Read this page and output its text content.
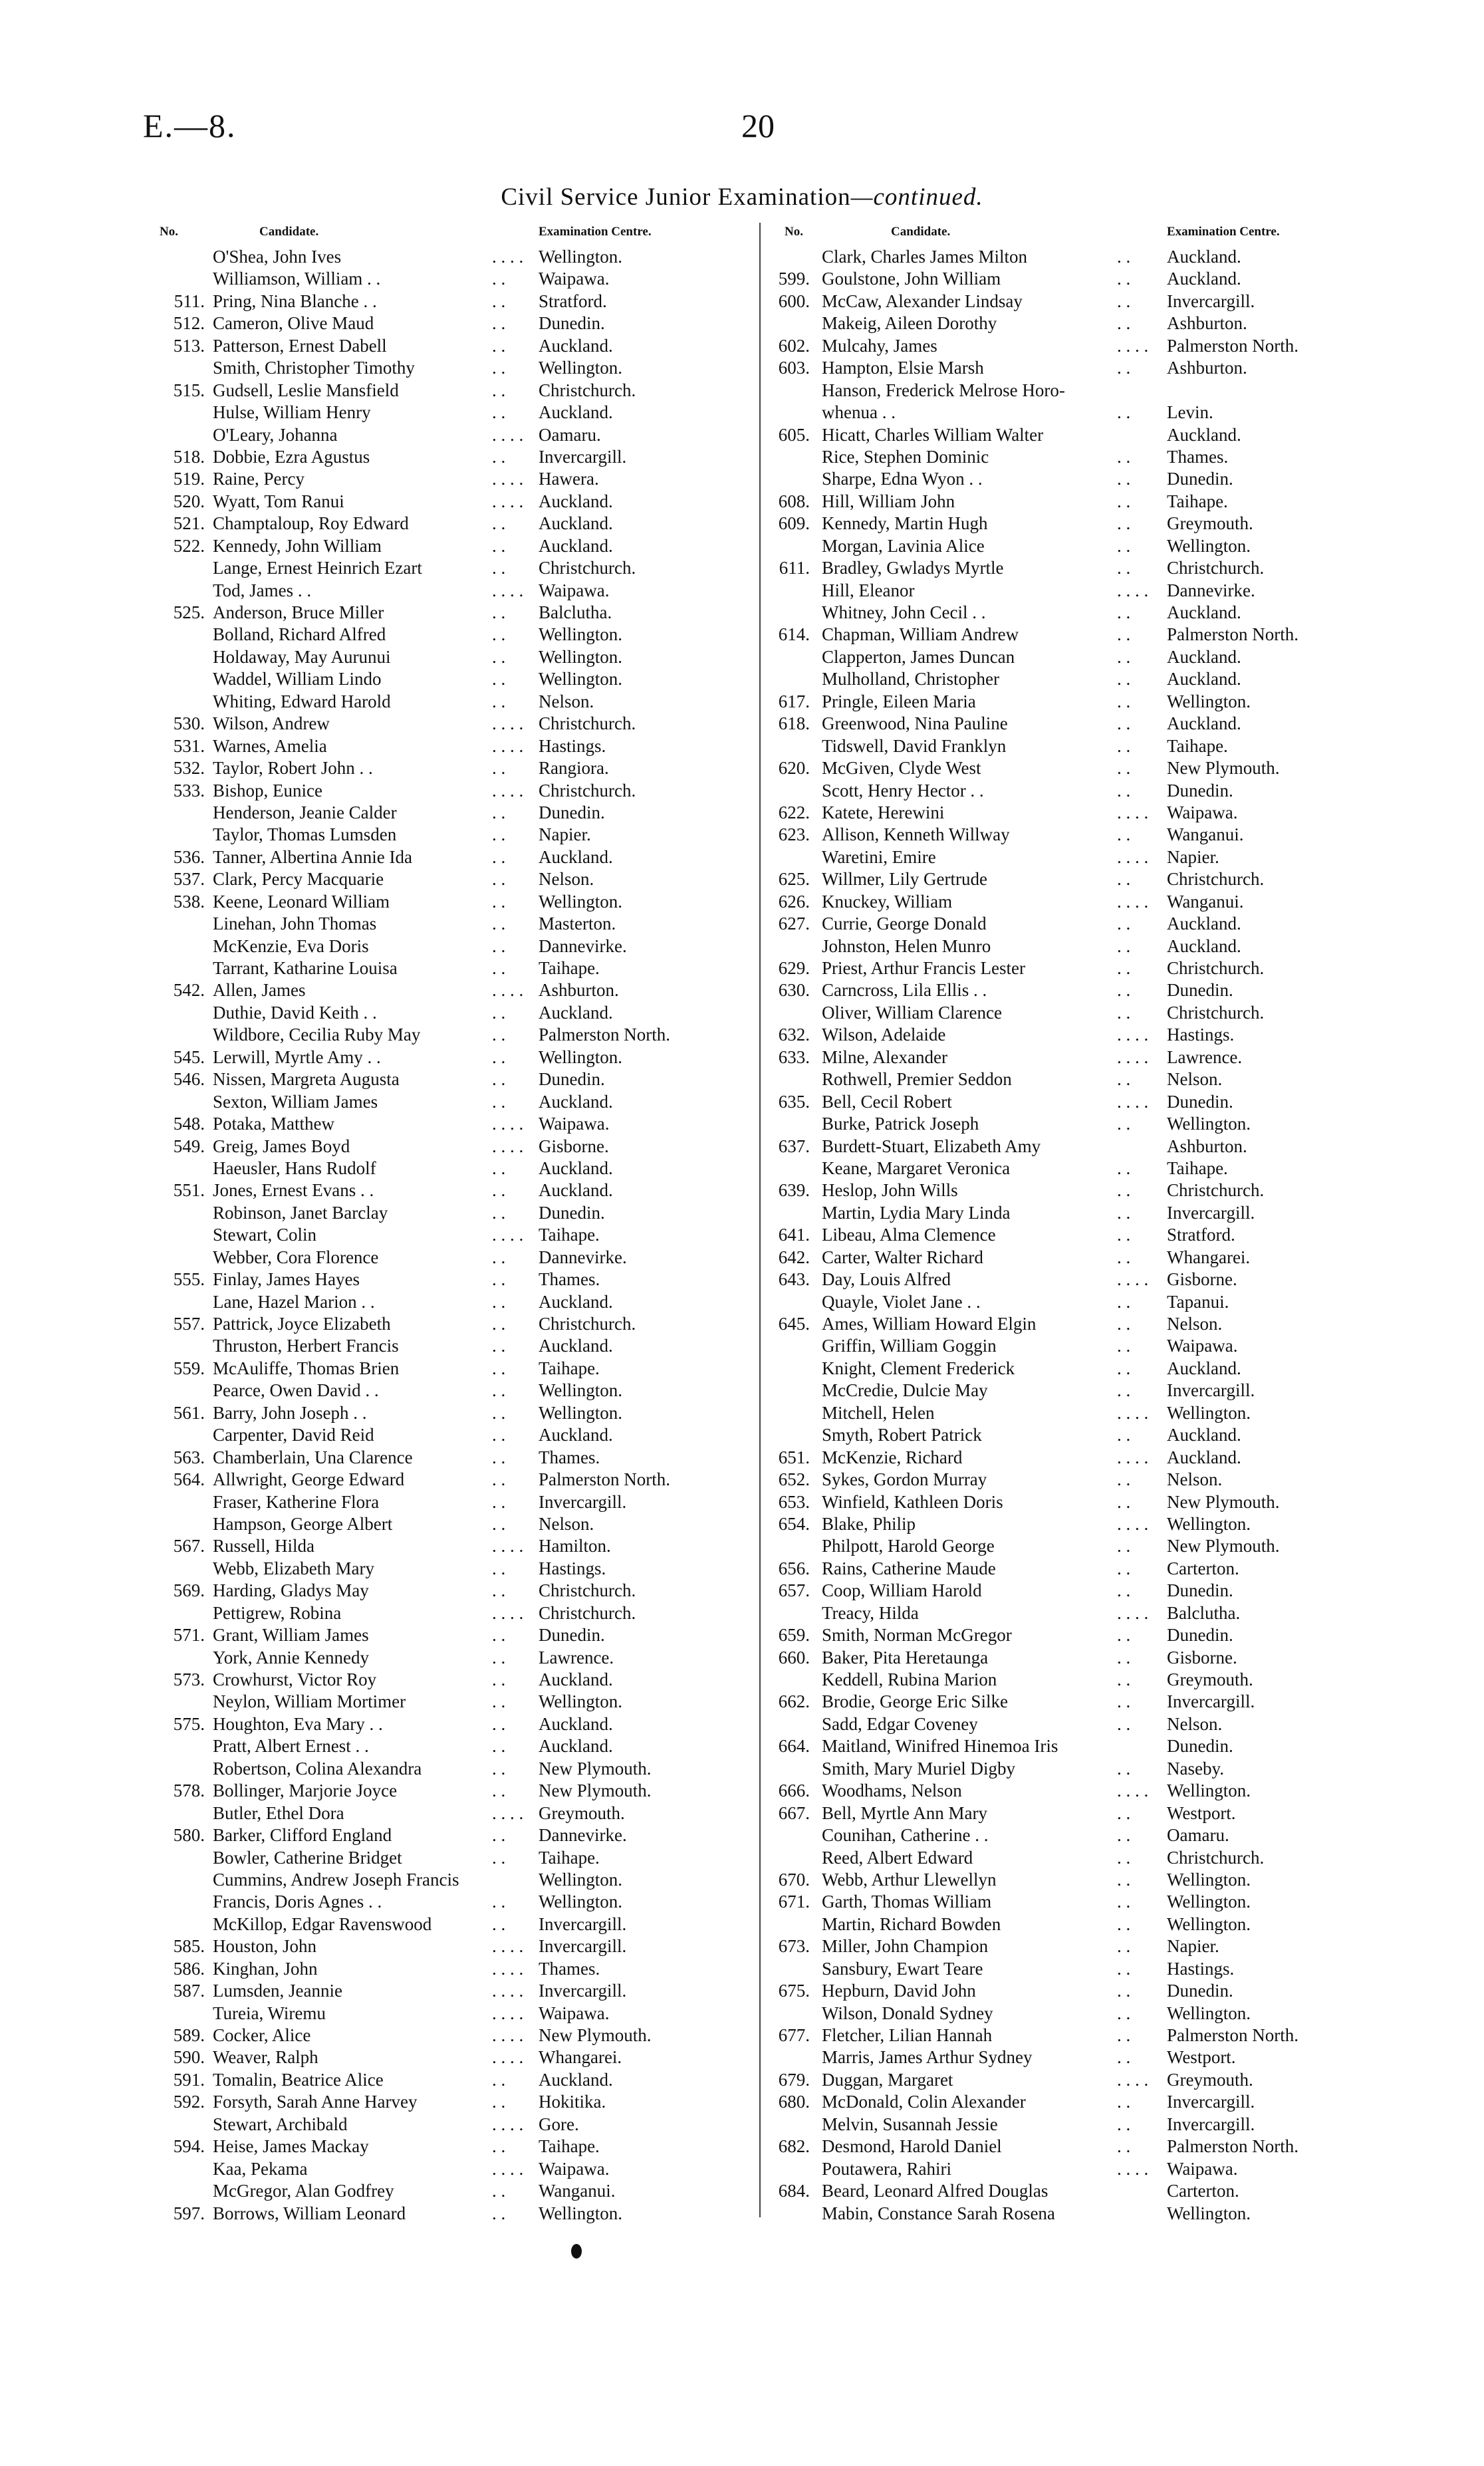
E.—8.	20
Civil Service Junior Examination—continued.
No.	Candidate.	Examination Centre.
O'Shea, John Ives	. . . . Wellington.
Williamson, William . .	. . Waipawa.
511. Pring, Nina Blanche . .	. . Stratford.
512. Cameron, Olive Maud	. . Dunedin.
513. Patterson, Ernest Dabell	. . Auckland.
Smith, Christopher Timothy	. . Wellington.
515. Gudsell, Leslie Mansfield	. . Christchurch.
Hulse, William Henry	. . Auckland.
O'Leary, Johanna	. . . . Oamaru.
518. Dobbie, Ezra Agustus	. . Invercargill.
519. Raine, Percy	. . . . Hawera.
520. Wyatt, Tom Ranui	. . . . Auckland.
521. Champtaloup, Roy Edward	. . Auckland.
522. Kennedy, John William	. . Auckland.
Lange, Ernest Heinrich Ezart	. . Christchurch.
Tod, James . .	. . . . Waipawa.
525. Anderson, Bruce Miller	. . Balclutha.
Bolland, Richard Alfred	. . Wellington.
Holdaway, May Aurunui	. . Wellington.
Waddel, William Lindo	. . Wellington.
Whiting, Edward Harold	. . Nelson.
530. Wilson, Andrew	. . . . Christchurch.
531. Warnes, Amelia	. . . . Hastings.
532. Taylor, Robert John . .	. . Rangiora.
533. Bishop, Eunice	. . . . Christchurch.
Henderson, Jeanie Calder	. . Dunedin.
Taylor, Thomas Lumsden	. . Napier.
536. Tanner, Albertina Annie Ida	. . Auckland.
537. Clark, Percy Macquarie	. . Nelson.
538. Keene, Leonard William	. . Wellington.
Linehan, John Thomas	. . Masterton.
McKenzie, Eva Doris	. . Dannevirke.
Tarrant, Katharine Louisa	. . Taihape.
542. Allen, James	. . . . Ashburton.
Duthie, David Keith . .	. . Auckland.
Wildbore, Cecilia Ruby May	. . Palmerston North.
545. Lerwill, Myrtle Amy . .	. . Wellington.
546. Nissen, Margreta Augusta	. . Dunedin.
Sexton, William James	. . Auckland.
548. Potaka, Matthew	. . . . Waipawa.
549. Greig, James Boyd	. . . . Gisborne.
Haeusler, Hans Rudolf	. . Auckland.
551. Jones, Ernest Evans . .	. . Auckland.
Robinson, Janet Barclay	. . Dunedin.
Stewart, Colin	. . . . Taihape.
Webber, Cora Florence	. . Dannevirke.
555. Finlay, James Hayes	. . Thames.
Lane, Hazel Marion . .	. . Auckland.
557. Pattrick, Joyce Elizabeth	. . Christchurch.
Thruston, Herbert Francis	. . Auckland.
559. McAuliffe, Thomas Brien	. . Taihape.
Pearce, Owen David . .	. . Wellington.
561. Barry, John Joseph . .	. . Wellington.
Carpenter, David Reid	. . Auckland.
563. Chamberlain, Una Clarence	. . Thames.
564. Allwright, George Edward	. . Palmerston North.
Fraser, Katherine Flora	. . Invercargill.
Hampson, George Albert	. . Nelson.
567. Russell, Hilda	. . . . Hamilton.
Webb, Elizabeth Mary	. . Hastings.
569. Harding, Gladys May	. . Christchurch.
Pettigrew, Robina	. . . . Christchurch.
571. Grant, William James	. . Dunedin.
York, Annie Kennedy	. . Lawrence.
573. Crowhurst, Victor Roy	. . Auckland.
Neylon, William Mortimer	. . Wellington.
575. Houghton, Eva Mary . .	. . Auckland.
Pratt, Albert Ernest . .	. . Auckland.
Robertson, Colina Alexandra	. . New Plymouth.
578. Bollinger, Marjorie Joyce	. . New Plymouth.
Butler, Ethel Dora	. . . . Greymouth.
580. Barker, Clifford England	. . Dannevirke.
Bowler, Catherine Bridget	. . Taihape.
Cummins, Andrew Joseph Francis	Wellington.
Francis, Doris Agnes . .	. . Wellington.
McKillop, Edgar Ravenswood	. . Invercargill.
585. Houston, John	. . . . Invercargill.
586. Kinghan, John	. . . . Thames.
587. Lumsden, Jeannie	. . . . Invercargill.
Tureia, Wiremu	. . . . Waipawa.
589. Cocker, Alice	. . . . New Plymouth.
590. Weaver, Ralph	. . . . Whangarei.
591. Tomalin, Beatrice Alice	. . Auckland.
592. Forsyth, Sarah Anne Harvey	. . Hokitika.
Stewart, Archibald	. . . . Gore.
594. Heise, James Mackay	. . Taihape.
Kaa, Pekama	. . . . Waipawa.
McGregor, Alan Godfrey	. . Wanganui.
597. Borrows, William Leonard	. . Wellington.
No.	Candidate.	Examination Centre.
Clark, Charles James Milton	. . Auckland.
599. Goulstone, John William	. . Auckland.
600. McCaw, Alexander Lindsay	. . Invercargill.
Makeig, Aileen Dorothy	. . Ashburton.
602. Mulcahy, James	. . . . Palmerston North.
603. Hampton, Elsie Marsh	. . Ashburton.
Hanson, Frederick Melrose Horo-
whenua . .	. . Levin.
605. Hicatt, Charles William Walter	Auckland.
Rice, Stephen Dominic	. . Thames.
Sharpe, Edna Wyon . .	. . Dunedin.
608. Hill, William John	. . Taihape.
609. Kennedy, Martin Hugh	. . Greymouth.
Morgan, Lavinia Alice	. . Wellington.
611. Bradley, Gwladys Myrtle	. . Christchurch.
Hill, Eleanor	. . . . Dannevirke.
Whitney, John Cecil . .	. . Auckland.
614. Chapman, William Andrew	. . Palmerston North.
Clapperton, James Duncan	. . Auckland.
Mulholland, Christopher	. . Auckland.
617. Pringle, Eileen Maria	. . Wellington.
618. Greenwood, Nina Pauline	. . Auckland.
Tidswell, David Franklyn	. . Taihape.
620. McGiven, Clyde West	. . New Plymouth.
Scott, Henry Hector . .	. . Dunedin.
622. Katete, Herewini	. . . . Waipawa.
623. Allison, Kenneth Willway	. . Wanganui.
Waretini, Emire	. . . . Napier.
625. Willmer, Lily Gertrude	. . Christchurch.
626. Knuckey, William	. . . . Wanganui.
627. Currie, George Donald	. . Auckland.
Johnston, Helen Munro	. . Auckland.
629. Priest, Arthur Francis Lester	. . Christchurch.
630. Carncross, Lila Ellis . .	. . Dunedin.
Oliver, William Clarence	. . Christchurch.
632. Wilson, Adelaide	. . . . Hastings.
633. Milne, Alexander	. . . . Lawrence.
Rothwell, Premier Seddon	. . Nelson.
635. Bell, Cecil Robert	. . . . Dunedin.
Burke, Patrick Joseph	. . Wellington.
637. Burdett-Stuart, Elizabeth Amy	Ashburton.
Keane, Margaret Veronica	. . Taihape.
639. Heslop, John Wills	. . Christchurch.
Martin, Lydia Mary Linda	. . Invercargill.
641. Libeau, Alma Clemence	. . Stratford.
642. Carter, Walter Richard	. . Whangarei.
643. Day, Louis Alfred	. . . . Gisborne.
Quayle, Violet Jane . .	. . Tapanui.
645. Ames, William Howard Elgin	. . Nelson.
Griffin, William Goggin	. . Waipawa.
Knight, Clement Frederick	. . Auckland.
McCredie, Dulcie May	. . Invercargill.
Mitchell, Helen	. . . . Wellington.
Smyth, Robert Patrick	. . Auckland.
651. McKenzie, Richard	. . . . Auckland.
652. Sykes, Gordon Murray	. . Nelson.
653. Winfield, Kathleen Doris	. . New Plymouth.
654. Blake, Philip	. . . . Wellington.
Philpott, Harold George	. . New Plymouth.
656. Rains, Catherine Maude	. . Carterton.
657. Coop, William Harold	. . Dunedin.
Treacy, Hilda	. . . . Balclutha.
659. Smith, Norman McGregor	. . Dunedin.
660. Baker, Pita Heretaunga	. . Gisborne.
Keddell, Rubina Marion	. . Greymouth.
662. Brodie, George Eric Silke	. . Invercargill.
Sadd, Edgar Coveney	. . Nelson.
664. Maitland, Winifred Hinemoa Iris	Dunedin.
Smith, Mary Muriel Digby	. . Naseby.
666. Woodhams, Nelson	. . . . Wellington.
667. Bell, Myrtle Ann Mary	. . Westport.
Counihan, Catherine . .	. . Oamaru.
Reed, Albert Edward	. . Christchurch.
670. Webb, Arthur Llewellyn	. . Wellington.
671. Garth, Thomas William	. . Wellington.
Martin, Richard Bowden	. . Wellington.
673. Miller, John Champion	. . Napier.
Sansbury, Ewart Teare	. . Hastings.
675. Hepburn, David John	. . Dunedin.
Wilson, Donald Sydney	. . Wellington.
677. Fletcher, Lilian Hannah	. . Palmerston North.
Marris, James Arthur Sydney	. . Westport.
679. Duggan, Margaret	. . . . Greymouth.
680. McDonald, Colin Alexander	. . Invercargill.
Melvin, Susannah Jessie	. . Invercargill.
682. Desmond, Harold Daniel	. . Palmerston North.
Poutawera, Rahiri	. . . . Waipawa.
684. Beard, Leonard Alfred Douglas	Carterton.
Mabin, Constance Sarah Rosena	Wellington.
